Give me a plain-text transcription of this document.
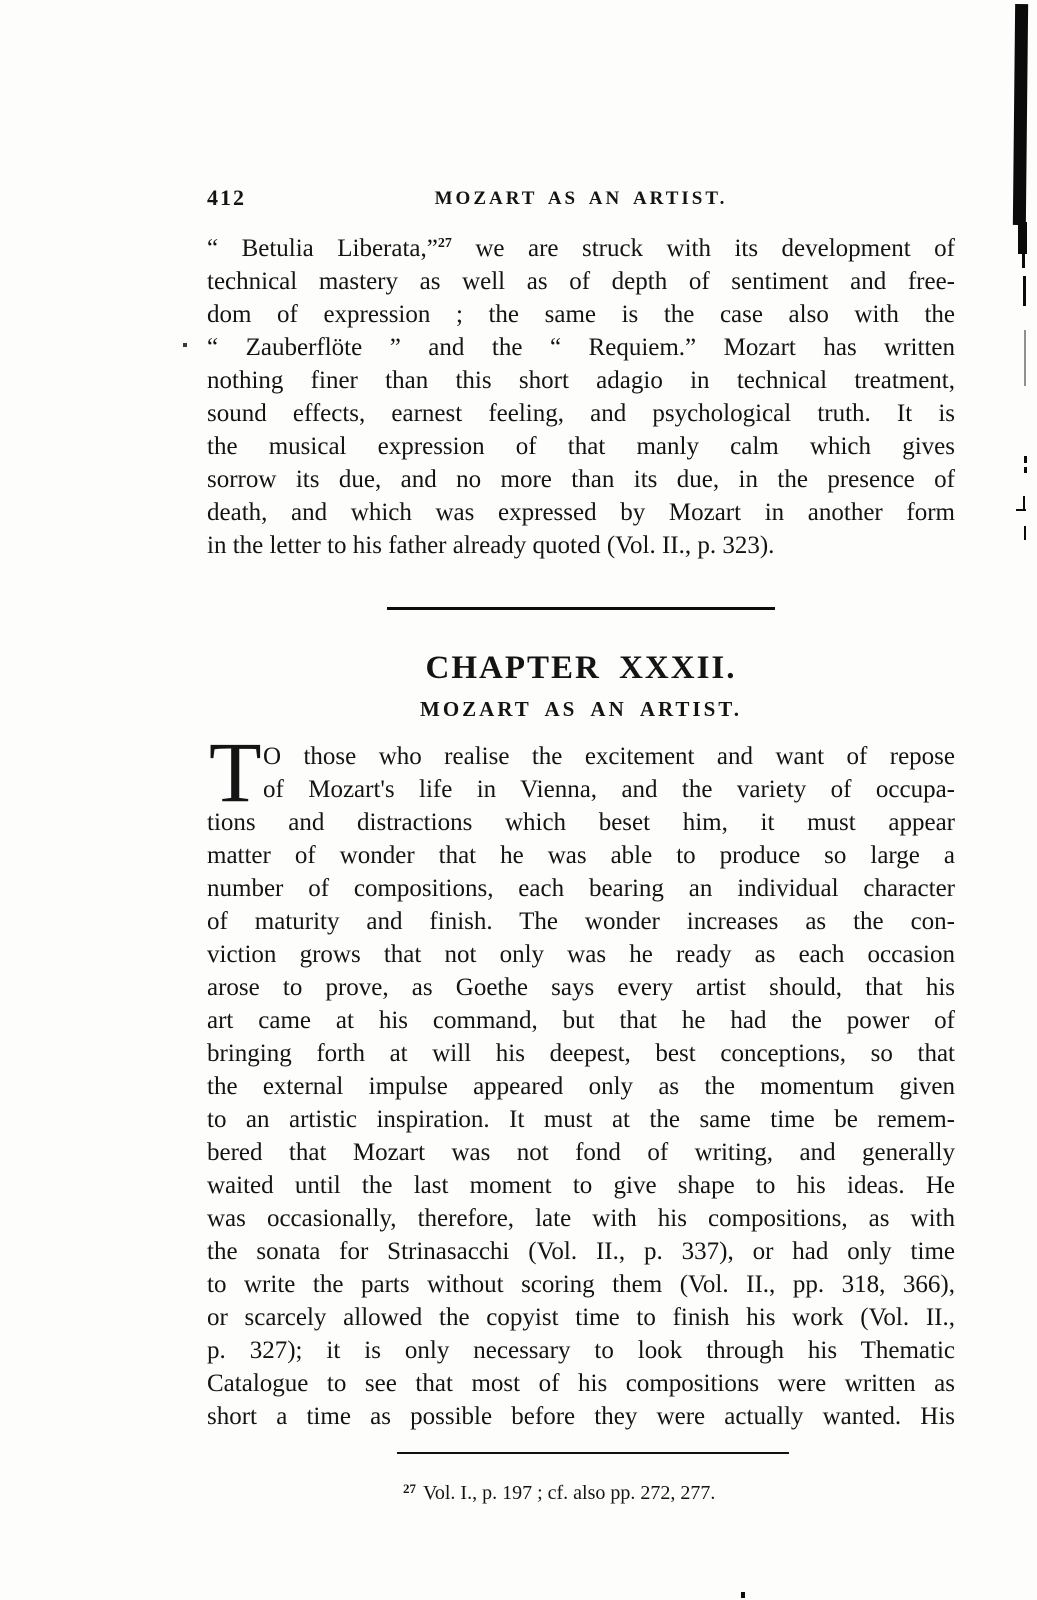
412	MOZART AS AN ARTIST.
“ Betulia Liberata,”$^{27}$ we are struck with its development of
technical mastery as well as of depth of sentiment and free-
dom of expression ; the same is the case also with the
“ Zauberflöte ” and the “ Requiem.” Mozart has written
nothing finer than this short adagio in technical treatment,
sound effects, earnest feeling, and psychological truth. It is
the musical expression of that manly calm which gives
sorrow its due, and no more than its due, in the presence of
death, and which was expressed by Mozart in another form
in the letter to his father already quoted (Vol. II., p. 323).
CHAPTER XXXII.
MOZART AS AN ARTIST.
T O those who realise the excitement and want of repose
of Mozart's life in Vienna, and the variety of occupa-
tions and distractions which beset him, it must appear
matter of wonder that he was able to produce so large a
number of compositions, each bearing an individual character
of maturity and finish. The wonder increases as the con-
viction grows that not only was he ready as each occasion
arose to prove, as Goethe says every artist should, that his
art came at his command, but that he had the power of
bringing forth at will his deepest, best conceptions, so that
the external impulse appeared only as the momentum given
to an artistic inspiration. It must at the same time be remem-
bered that Mozart was not fond of writing, and generally
waited until the last moment to give shape to his ideas. He
was occasionally, therefore, late with his compositions, as with
the sonata for Strinasacchi (Vol. II., p. 337), or had only time
to write the parts without scoring them (Vol. II., pp. 318, 366),
or scarcely allowed the copyist time to finish his work (Vol. II.,
p. 327); it is only necessary to look through his Thematic
Catalogue to see that most of his compositions were written as
short a time as possible before they were actually wanted. His
$^{27}$ Vol. I., p. 197 ; cf. also pp. 272, 277.
